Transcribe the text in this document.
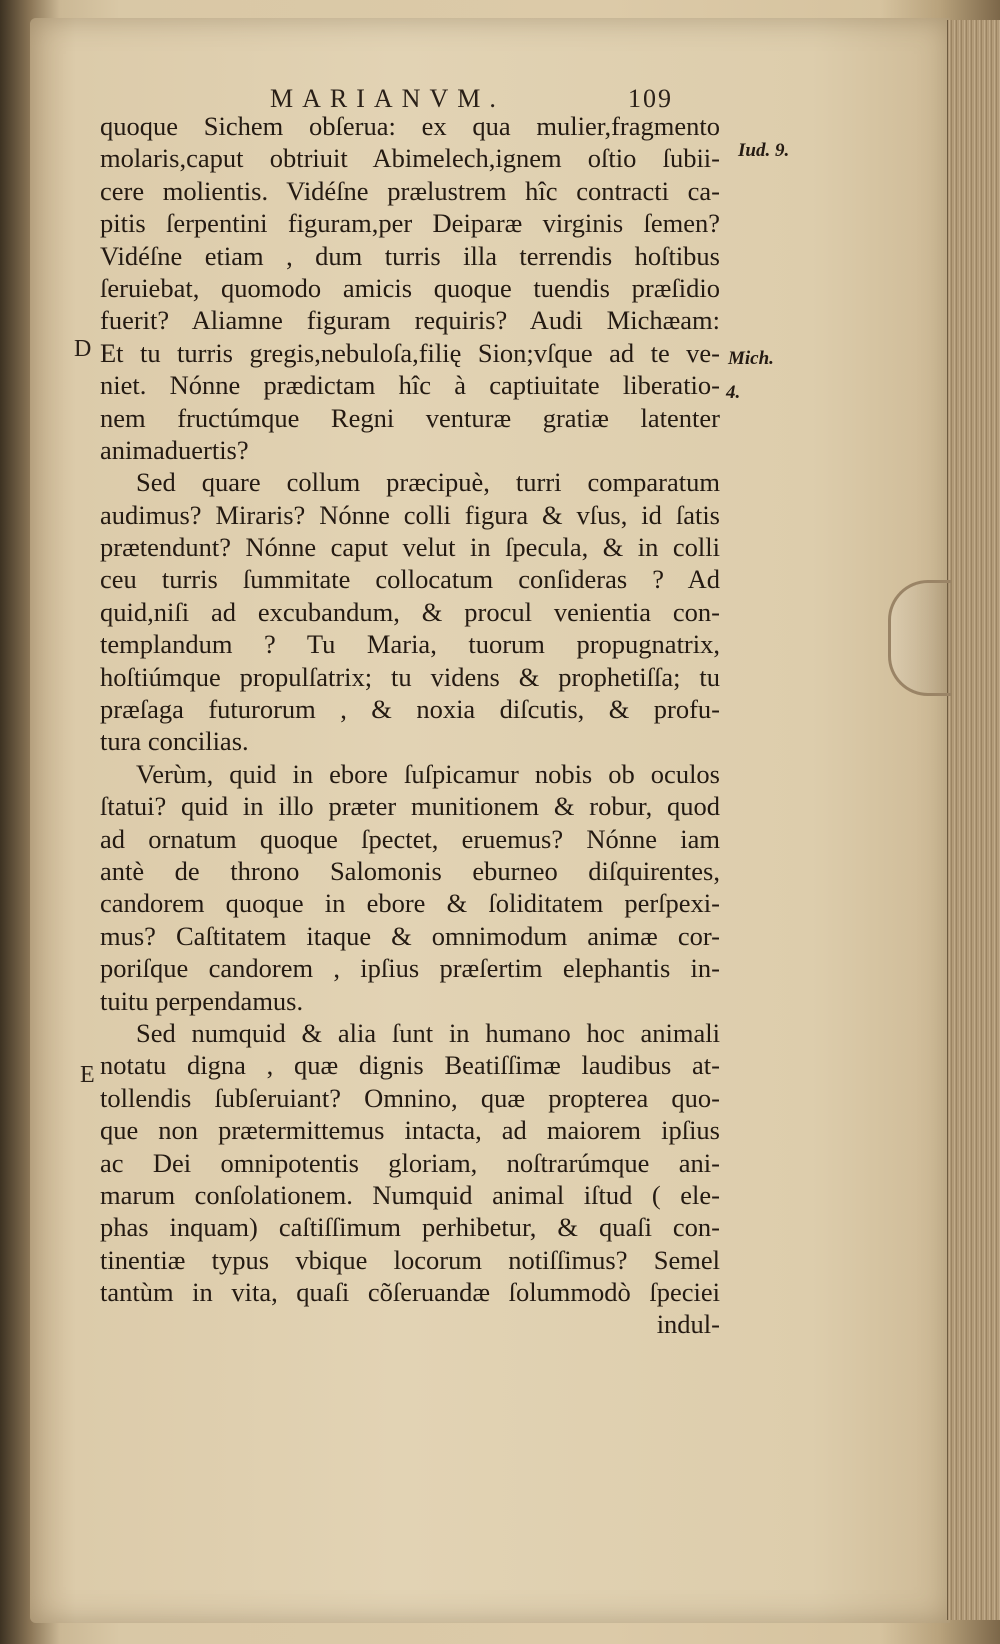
MARIANVM.	109
quoque Sichem obſerua: ex qua mulier,fragmento
molaris,caput obtriuit Abimelech,ignem oſtio ſubii-
cere molientis. Vidéſne prælustrem hîc contracti ca-
pitis ſerpentini figuram,per Deiparæ virginis ſemen?
Vidéſne etiam , dum turris illa terrendis hoſtibus
ſeruiebat, quomodo amicis quoque tuendis præſidio
fuerit? Aliamne figuram requiris? Audi Michæam:
Et tu turris gregis,nebuloſa,filię Sion;vſque ad te ve-
niet. Nónne prædictam hîc à captiuitate liberatio-
nem fructúmque Regni venturæ gratiæ latenter
animaduertis?
Sed quare collum præcipuè, turri comparatum
audimus? Miraris? Nónne colli figura & vſus, id ſatis
prætendunt? Nónne caput velut in ſpecula, & in colli
ceu turris ſummitate collocatum conſideras ? Ad
quid,niſi ad excubandum, & procul venientia con-
templandum ? Tu Maria, tuorum propugnatrix,
hoſtiúmque propulſatrix; tu videns & prophetiſſa; tu
præſaga futurorum , & noxia diſcutis, & profu-
tura concilias.
Verùm, quid in ebore ſuſpicamur nobis ob oculos
ſtatui? quid in illo præter munitionem & robur, quod
ad ornatum quoque ſpectet, eruemus? Nónne iam
antè de throno Salomonis eburneo diſquirentes,
candorem quoque in ebore & ſoliditatem perſpexi-
mus? Caſtitatem itaque & omnimodum animæ cor-
poriſque candorem , ipſius præſertim elephantis in-
tuitu perpendamus.
Sed numquid & alia ſunt in humano hoc animali
notatu digna , quæ dignis Beatiſſimæ laudibus at-
tollendis ſubſeruiant? Omnino, quæ propterea quo-
que non prætermittemus intacta, ad maiorem ipſius
ac Dei omnipotentis gloriam, noſtrarúmque ani-
marum conſolationem. Numquid animal iſtud ( ele-
phas inquam) caſtiſſimum perhibetur, & quaſi con-
tinentiæ typus vbique locorum notiſſimus? Semel
tantùm in vita, quaſi cõſeruandæ ſolummodò ſpeciei
indul-
Iud. 9.
Mich.
4.
D
E
